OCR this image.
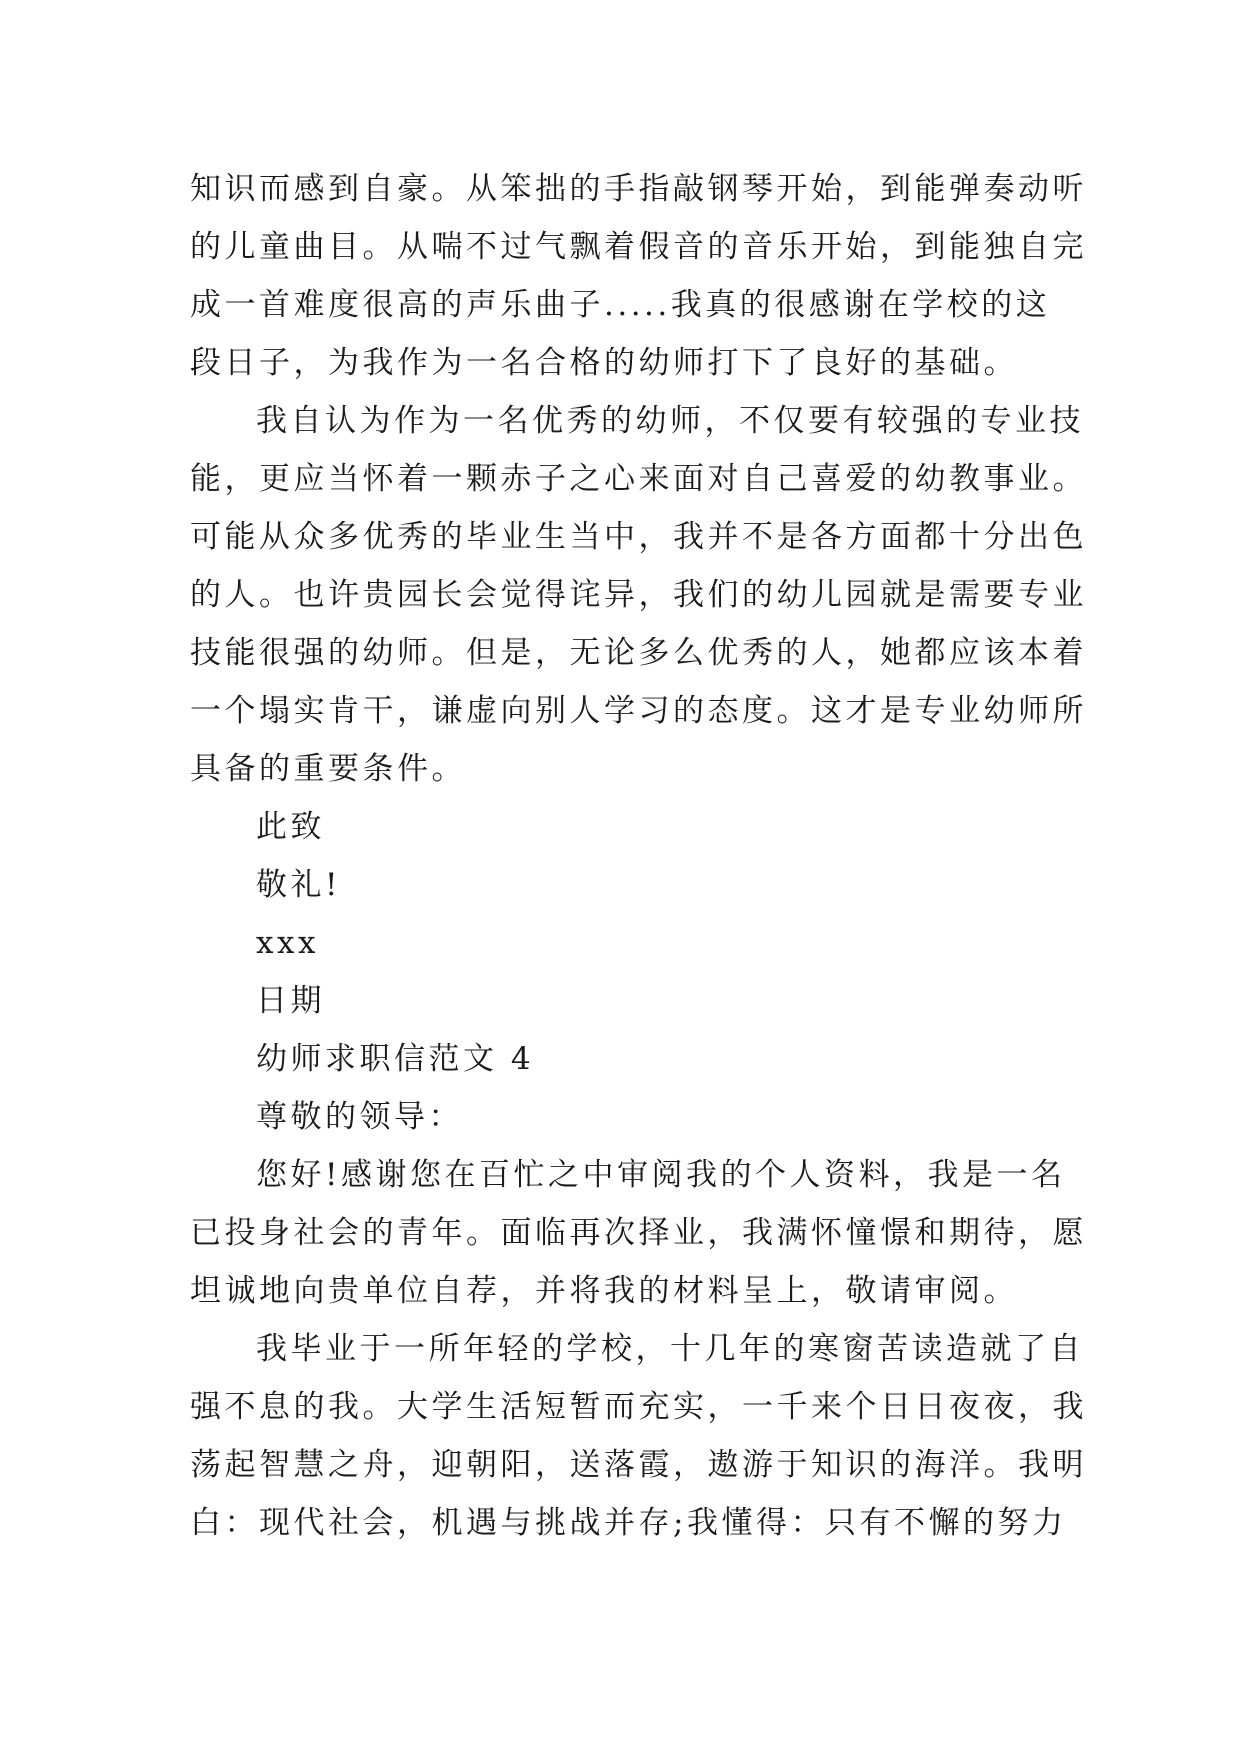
知识而感到自豪。从笨拙的手指敲钢琴开始，到能弹奏动听
的儿童曲目。从喘不过气飘着假音的音乐开始，到能独自完
成一首难度很高的声乐曲子.....我真的很感谢在学校的这
段日子，为我作为一名合格的幼师打下了良好的基础。
我自认为作为一名优秀的幼师，不仅要有较强的专业技
能，更应当怀着一颗赤子之心来面对自己喜爱的幼教事业。
可能从众多优秀的毕业生当中，我并不是各方面都十分出色
的人。也许贵园长会觉得诧异，我们的幼儿园就是需要专业
技能很强的幼师。但是，无论多么优秀的人，她都应该本着
一个塌实肯干，谦虚向别人学习的态度。这才是专业幼师所
具备的重要条件。
此致
敬礼!
xxx
日期
幼师求职信范文 4
尊敬的领导：
您好!感谢您在百忙之中审阅我的个人资料，我是一名
已投身社会的青年。面临再次择业，我满怀憧憬和期待，愿
坦诚地向贵单位自荐，并将我的材料呈上，敬请审阅。
我毕业于一所年轻的学校，十几年的寒窗苦读造就了自
强不息的我。大学生活短暂而充实，一千来个日日夜夜，我
荡起智慧之舟，迎朝阳，送落霞，遨游于知识的海洋。我明
白：现代社会，机遇与挑战并存;我懂得：只有不懈的努力
